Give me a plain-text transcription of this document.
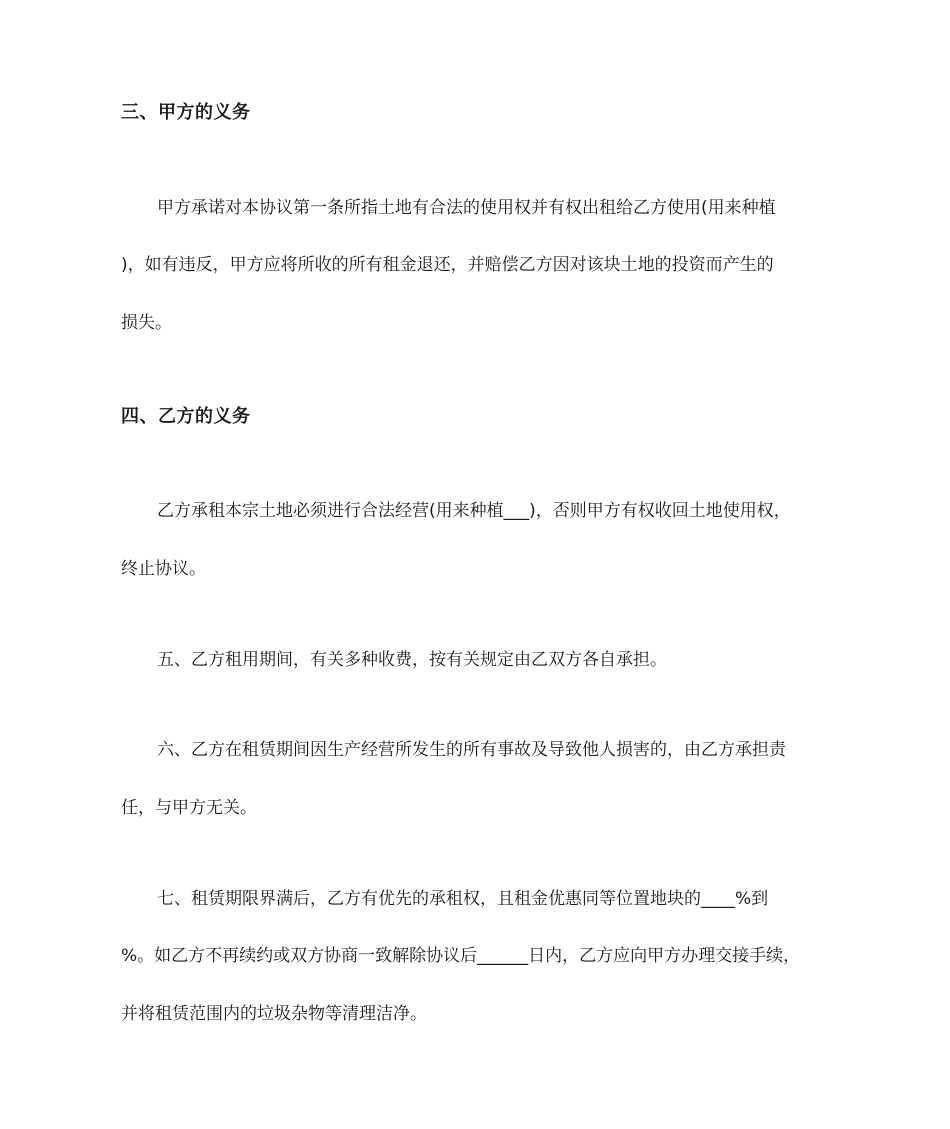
三、甲方的义务

甲方承诺对本协议第一条所指土地有合法的使用权并有权出租给乙方使用(用来种植

)，如有违反，甲方应将所收的所有租金退还，并赔偿乙方因对该块土地的投资而产生的

损失。

四、乙方的义务

乙方承租本宗土地必须进行合法经营(用来种植___)，否则甲方有权收回土地使用权，

终止协议。

五、乙方租用期间，有关多种收费，按有关规定由乙双方各自承担。

六、乙方在租赁期间因生产经营所发生的所有事故及导致他人损害的，由乙方承担责

任，与甲方无关。

七、租赁期限界满后，乙方有优先的承租权，且租金优惠同等位置地块的____%到

%。如乙方不再续约或双方协商一致解除协议后______日内，乙方应向甲方办理交接手续，

并将租赁范围内的垃圾杂物等清理洁净。
